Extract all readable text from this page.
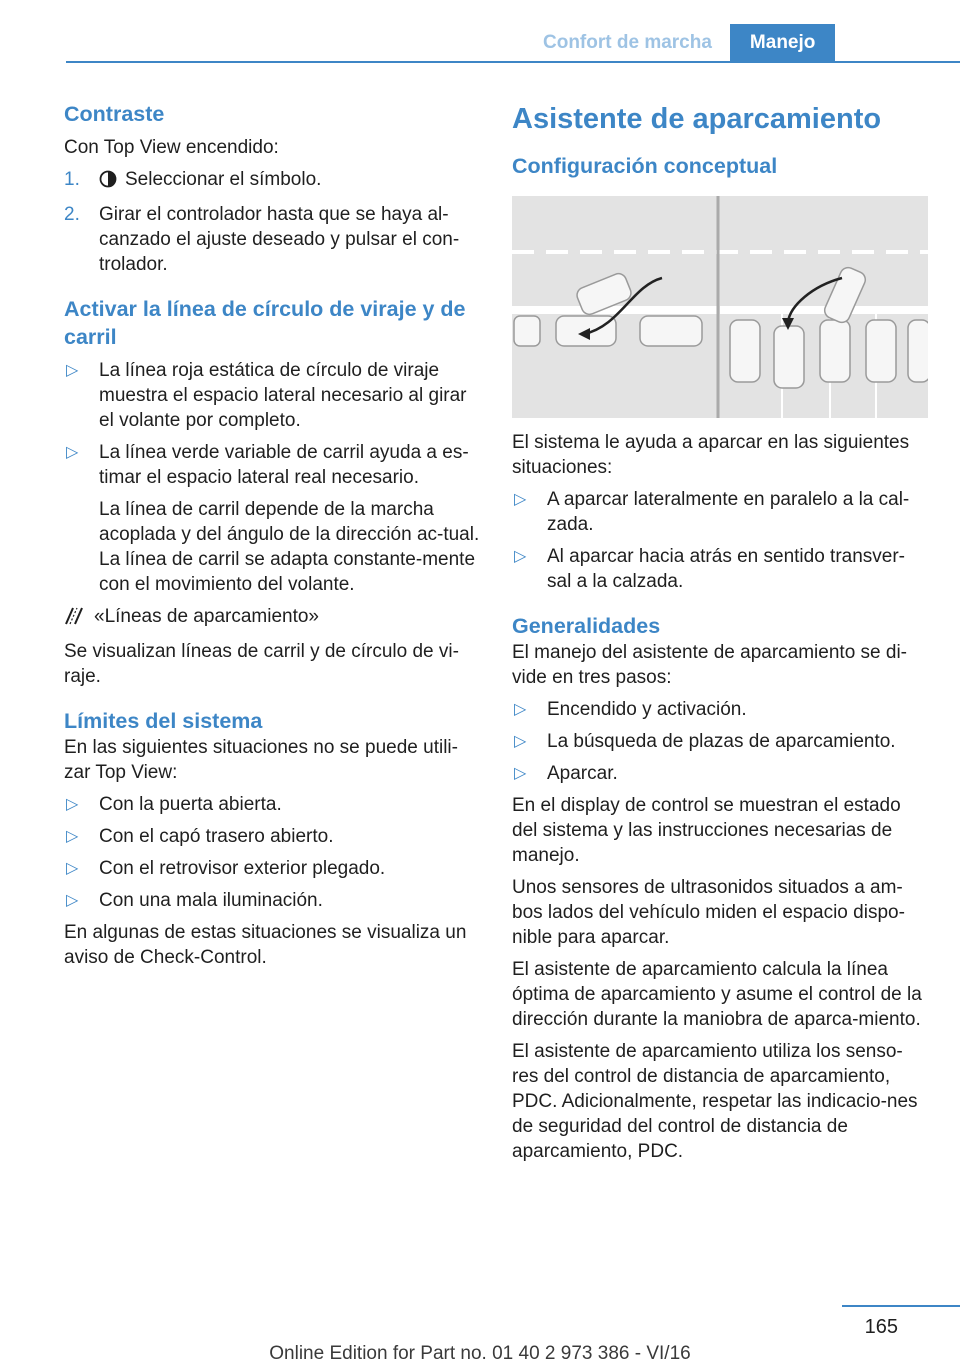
Confort de marcha	Manejo
Contraste

Con Top View encendido:

1. Seleccionar el símbolo.
2. Girar el controlador hasta que se haya al-canzado el ajuste deseado y pulsar el con-trolador.
Activar la línea de círculo de viraje y de carril
▷ La línea roja estática de círculo de viraje muestra el espacio lateral necesario al girar el volante por completo.
▷ La línea verde variable de carril ayuda a es-timar el espacio lateral real necesario.
La línea de carril depende de la marcha acoplada y del ángulo de la dirección ac-tual. La línea de carril se adapta constante-mente con el movimiento del volante.

«Líneas de aparcamiento»

Se visualizan líneas de carril y de círculo de vi-raje.

Límites del sistema

En las siguientes situaciones no se puede utili-zar Top View:

▷ Con la puerta abierta.
▷ Con el capó trasero abierto.
▷ Con el retrovisor exterior plegado.
▷ Con una mala iluminación.

En algunas de estas situaciones se visualiza un aviso de Check-Control.

Asistente de aparcamiento
Configuración conceptual

El sistema le ayuda a aparcar en las siguientes situaciones:

▷ A aparcar lateralmente en paralelo a la cal-zada.
▷ Al aparcar hacia atrás en sentido transver-sal a la calzada.
Generalidades

El manejo del asistente de aparcamiento se di-vide en tres pasos:

▷ Encendido y activación.
▷ La búsqueda de plazas de aparcamiento.
▷ Aparcar.

En el display de control se muestran el estado del sistema y las instrucciones necesarias de manejo.

Unos sensores de ultrasonidos situados a am-bos lados del vehículo miden el espacio dispo-nible para aparcar.

El asistente de aparcamiento calcula la línea óptima de aparcamiento y asume el control de la dirección durante la maniobra de aparca-miento.

El asistente de aparcamiento utiliza los senso-res del control de distancia de aparcamiento, PDC. Adicionalmente, respetar las indicacio-nes de seguridad del control de distancia de aparcamiento, PDC.

165
Online Edition for Part no. 01 40 2 973 386 - VI/16
